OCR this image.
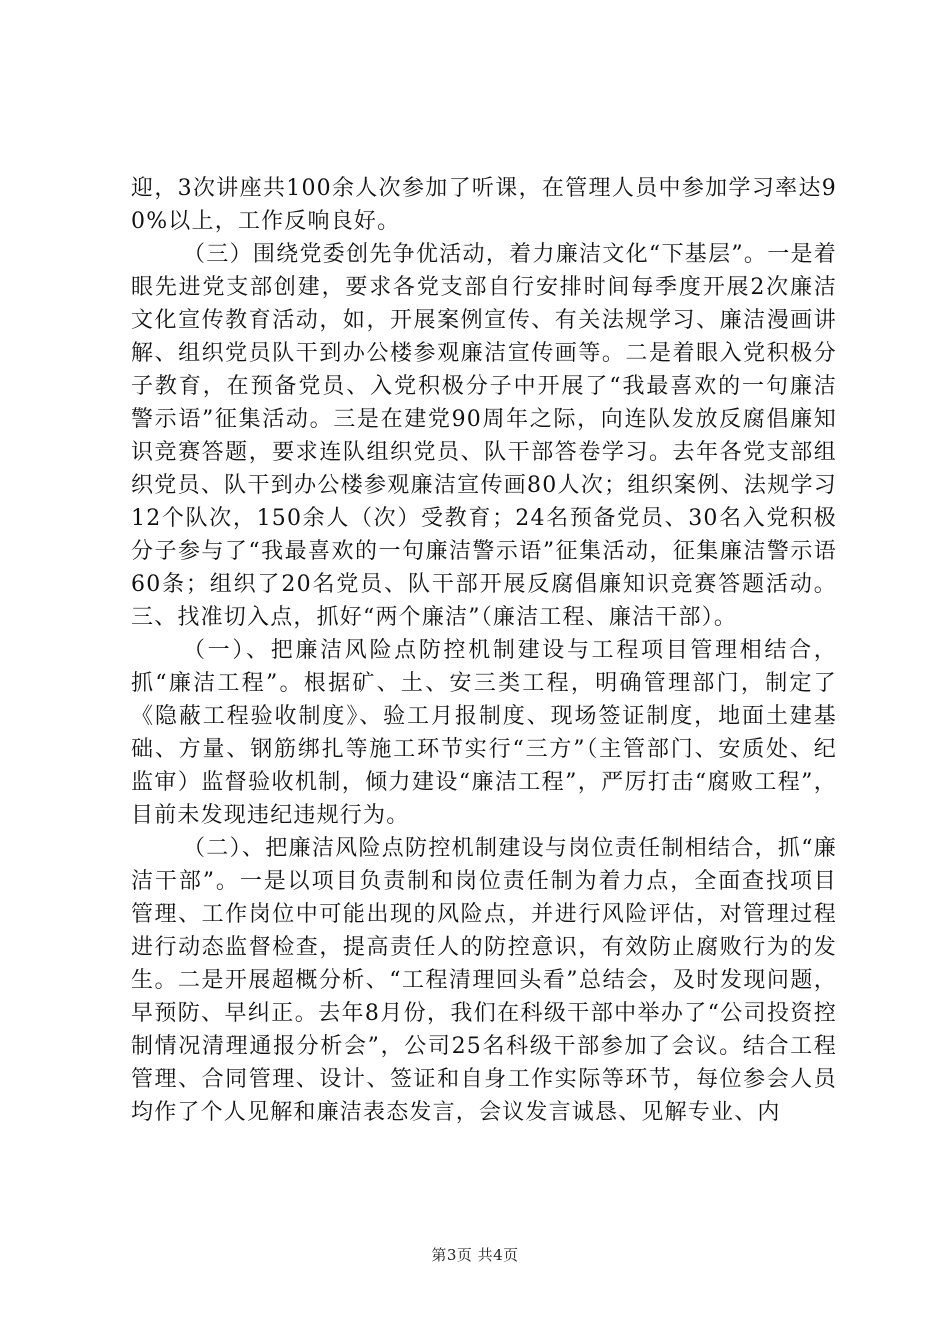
迎，3次讲座共100余人次参加了听课，在管理人员中参加学习率达90%以上，工作反响良好。

（三）围绕党委创先争优活动，着力廉洁文化“下基层”。一是着眼先进党支部创建，要求各党支部自行安排时间每季度开展2次廉洁文化宣传教育活动，如，开展案例宣传、有关法规学习、廉洁漫画讲解、组织党员队干到办公楼参观廉洁宣传画等。二是着眼入党积极分子教育，在预备党员、入党积极分子中开展了“我最喜欢的一句廉洁警示语”征集活动。三是在建党90周年之际，向连队发放反腐倡廉知识竞赛答题，要求连队组织党员、队干部答卷学习。去年各党支部组织党员、队干到办公楼参观廉洁宣传画80人次；组织案例、法规学习12个队次，150余人（次）受教育；24名预备党员、30名入党积极分子参与了“我最喜欢的一句廉洁警示语”征集活动，征集廉洁警示语60条；组织了20名党员、队干部开展反腐倡廉知识竞赛答题活动。三、找准切入点，抓好“两个廉洁”（廉洁工程、廉洁干部）。

（一）、把廉洁风险点防控机制建设与工程项目管理相结合，抓“廉洁工程”。根据矿、土、安三类工程，明确管理部门，制定了《隐蔽工程验收制度》、验工月报制度、现场签证制度，地面土建基础、方量、钢筋绑扎等施工环节实行“三方”（主管部门、安质处、纪监审）监督验收机制，倾力建设“廉洁工程”，严厉打击“腐败工程”，目前未发现违纪违规行为。

（二）、把廉洁风险点防控机制建设与岗位责任制相结合，抓“廉洁干部”。一是以项目负责制和岗位责任制为着力点，全面查找项目管理、工作岗位中可能出现的风险点，并进行风险评估，对管理过程进行动态监督检查，提高责任人的防控意识，有效防止腐败行为的发生。二是开展超概分析、“工程清理回头看”总结会，及时发现问题，早预防、早纠正。去年8月份，我们在科级干部中举办了“公司投资控制情况清理通报分析会”，公司25名科级干部参加了会议。结合工程管理、合同管理、设计、签证和自身工作实际等环节，每位参会人员均作了个人见解和廉洁表态发言，会议发言诚恳、见解专业、内

第3页 共4页
